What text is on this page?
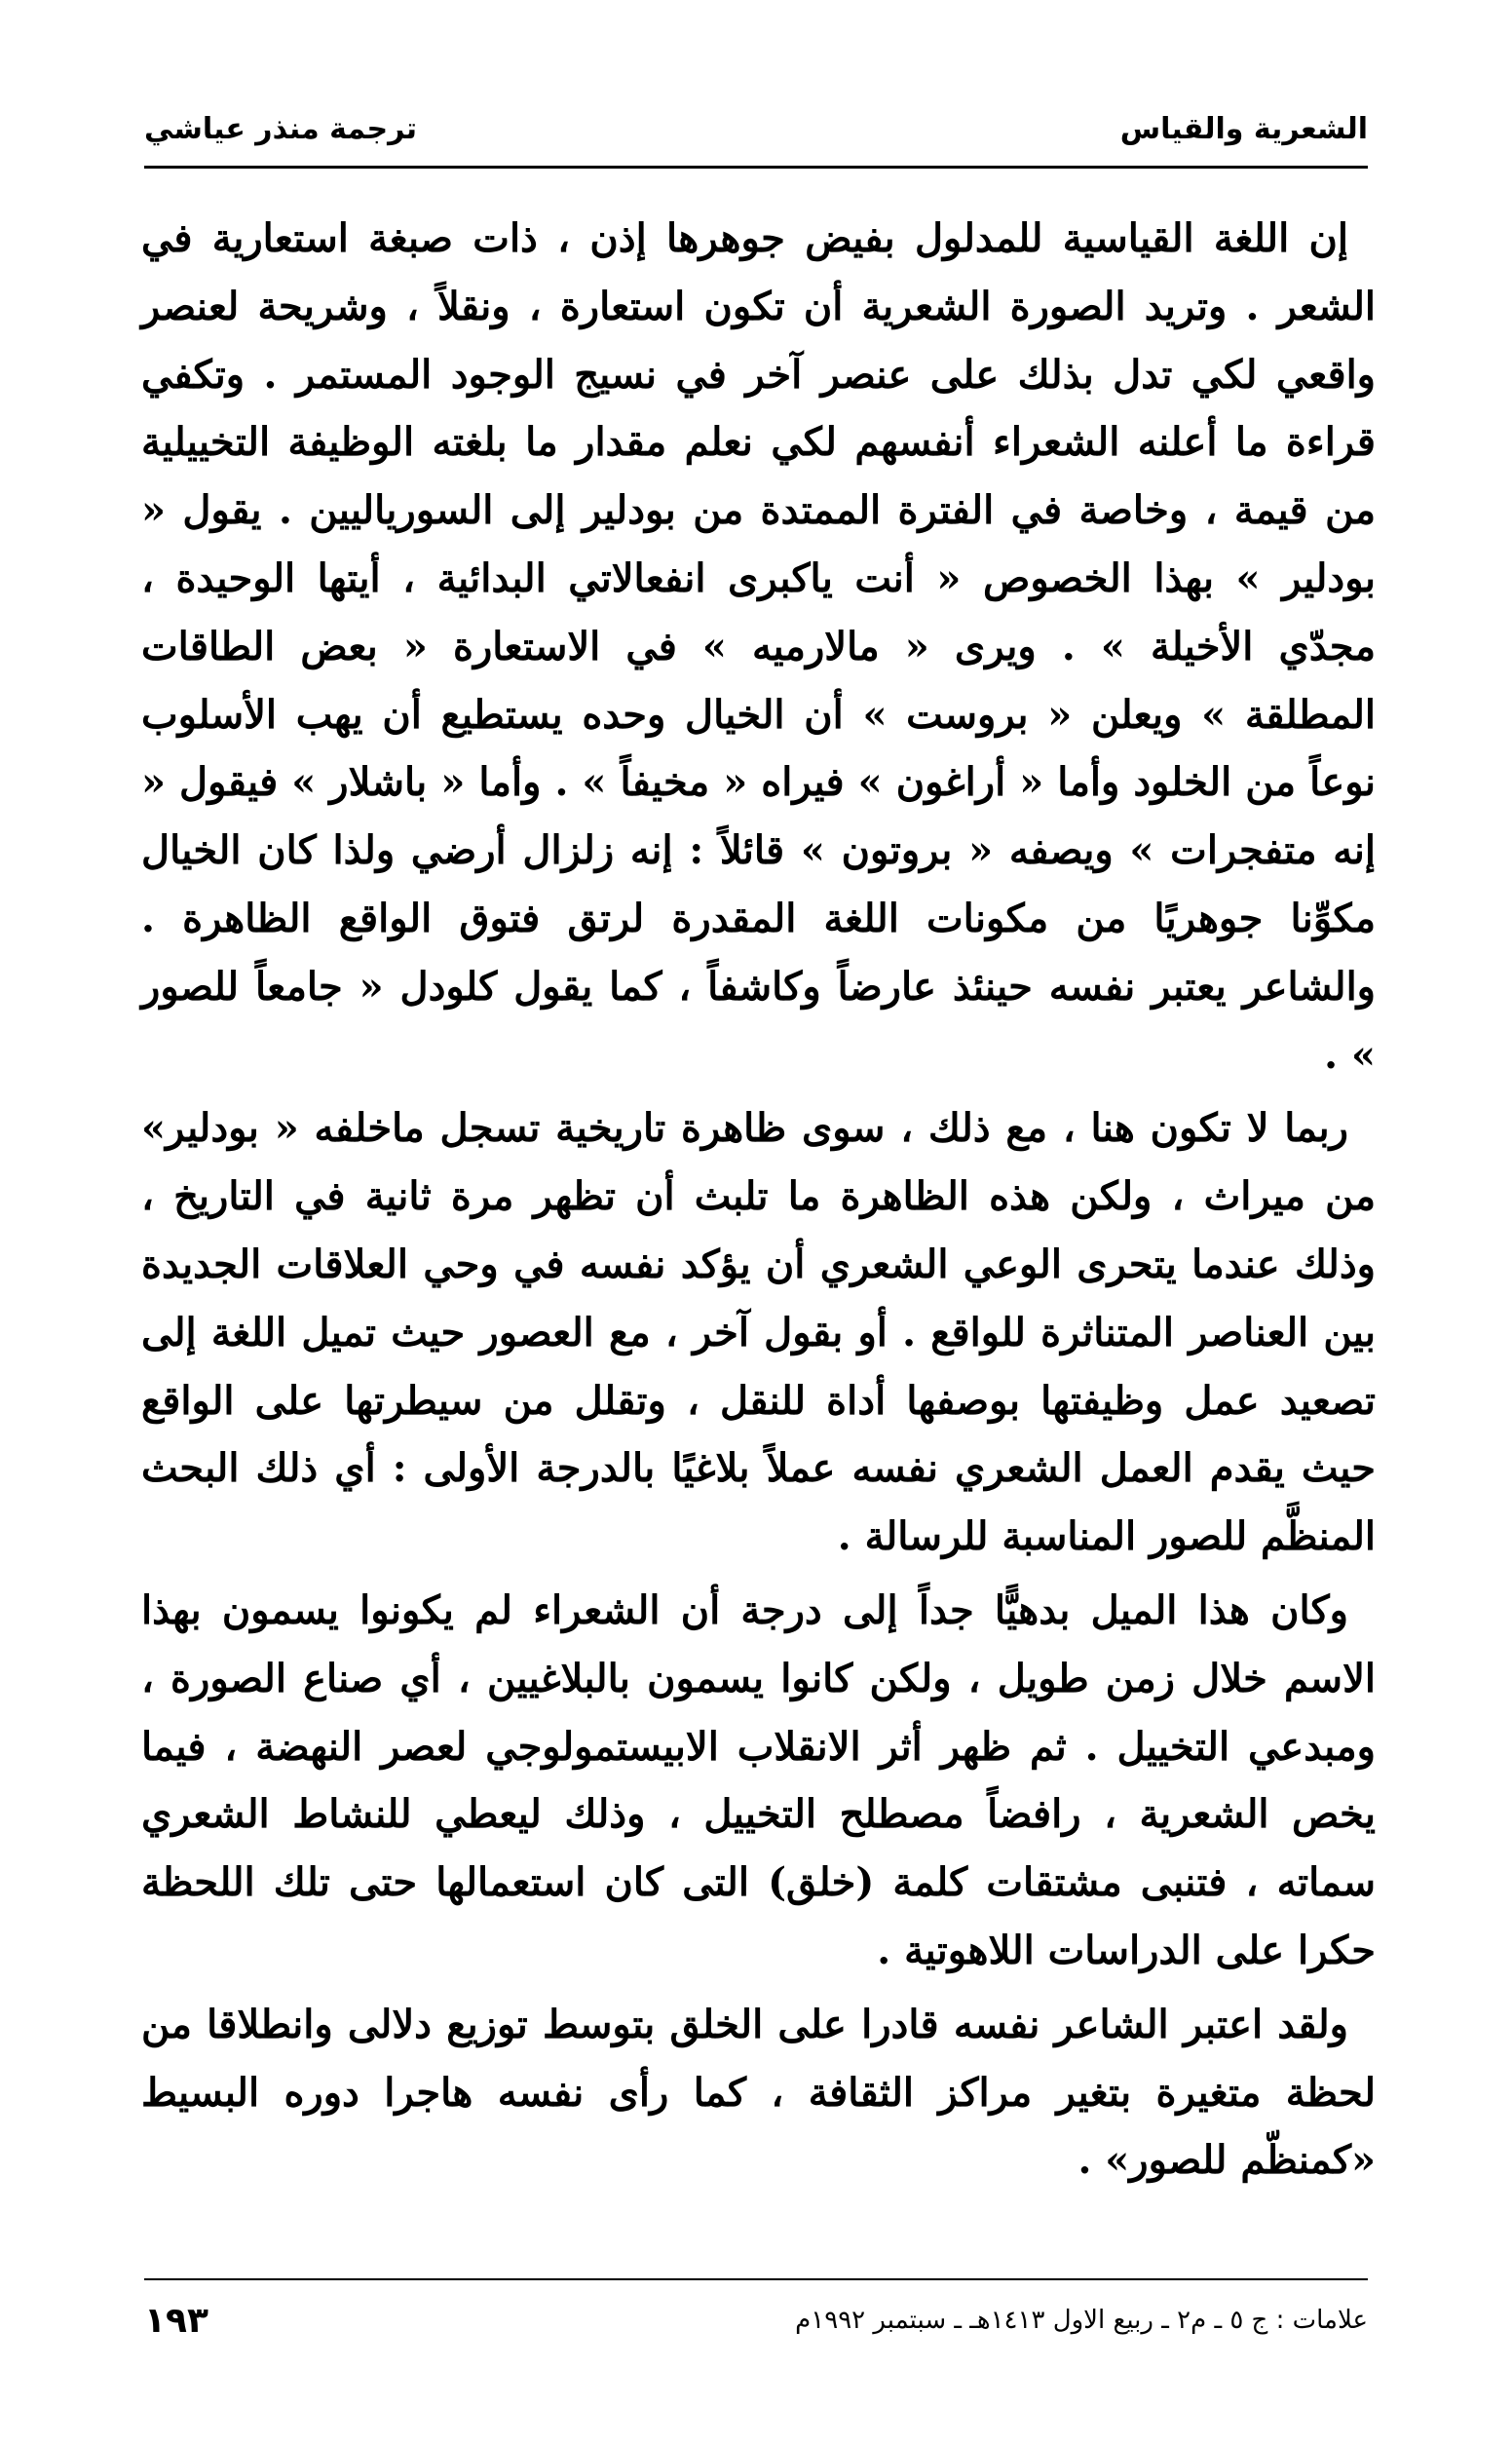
الشعرية والقياس
ترجمة منذر عياشي

إن اللغة القياسية للمدلول بفيض جوهرها إذن ، ذات صبغة استعارية في الشعر . وتريد الصورة الشعرية أن تكون استعارة ، ونقلاً ، وشريحة لعنصر واقعي لكي تدل بذلك على عنصر آخر في نسيج الوجود المستمر . وتكفي قراءة ما أعلنه الشعراء أنفسهم لكي نعلم مقدار ما بلغته الوظيفة التخييلية من قيمة ، وخاصة في الفترة الممتدة من بودلير إلى السورياليين . يقول « بودلير » بهذا الخصوص « أنت ياكبرى انفعالاتي البدائية ، أيتها الوحيدة ، مجدّي الأخيلة » . ويرى « مالارميه » في الاستعارة « بعض الطاقات المطلقة » ويعلن « بروست » أن الخيال وحده يستطيع أن يهب الأسلوب نوعاً من الخلود وأما « أراغون » فيراه « مخيفاً » . وأما « باشلار » فيقول « إنه متفجرات » ويصفه « بروتون » قائلاً : إنه زلزال أرضي ولذا كان الخيال مكوِّنا جوهريًا من مكونات اللغة المقدرة لرتق فتوق الواقع الظاهرة . والشاعر يعتبر نفسه حينئذ عارضاً وكاشفاً ، كما يقول كلودل « جامعاً للصور » .

ربما لا تكون هنا ، مع ذلك ، سوى ظاهرة تاريخية تسجل ماخلفه « بودلير» من ميراث ، ولكن هذه الظاهرة ما تلبث أن تظهر مرة ثانية في التاريخ ، وذلك عندما يتحرى الوعي الشعري أن يؤكد نفسه في وحي العلاقات الجديدة بين العناصر المتناثرة للواقع . أو بقول آخر ، مع العصور حيث تميل اللغة إلى تصعيد عمل وظيفتها بوصفها أداة للنقل ، وتقلل من سيطرتها على الواقع حيث يقدم العمل الشعري نفسه عملاً بلاغيًا بالدرجة الأولى : أي ذلك البحث المنظَّم للصور المناسبة للرسالة .

وكان هذا الميل بدهيًّا جداً إلى درجة أن الشعراء لم يكونوا يسمون بهذا الاسم خلال زمن طويل ، ولكن كانوا يسمون بالبلاغيين ، أي صناع الصورة ، ومبدعي التخييل . ثم ظهر أثر الانقلاب الابيستمولوجي لعصر النهضة ، فيما يخص الشعرية ، رافضاً مصطلح التخييل ، وذلك ليعطي للنشاط الشعري سماته ، فتنبى مشتقات كلمة (خلق) التى كان استعمالها حتى تلك اللحظة حكرا على الدراسات اللاهوتية .

ولقد اعتبر الشاعر نفسه قادرا على الخلق بتوسط توزيع دلالى وانطلاقا من لحظة متغيرة بتغير مراكز الثقافة ، كما رأى نفسه هاجرا دوره البسيط «كمنظّم للصور» .

علامات : ج ٥ ـ م٢ ـ ربيع الاول ١٤١٣هـ ـ سبتمبر ١٩٩٢م
١٩٣
